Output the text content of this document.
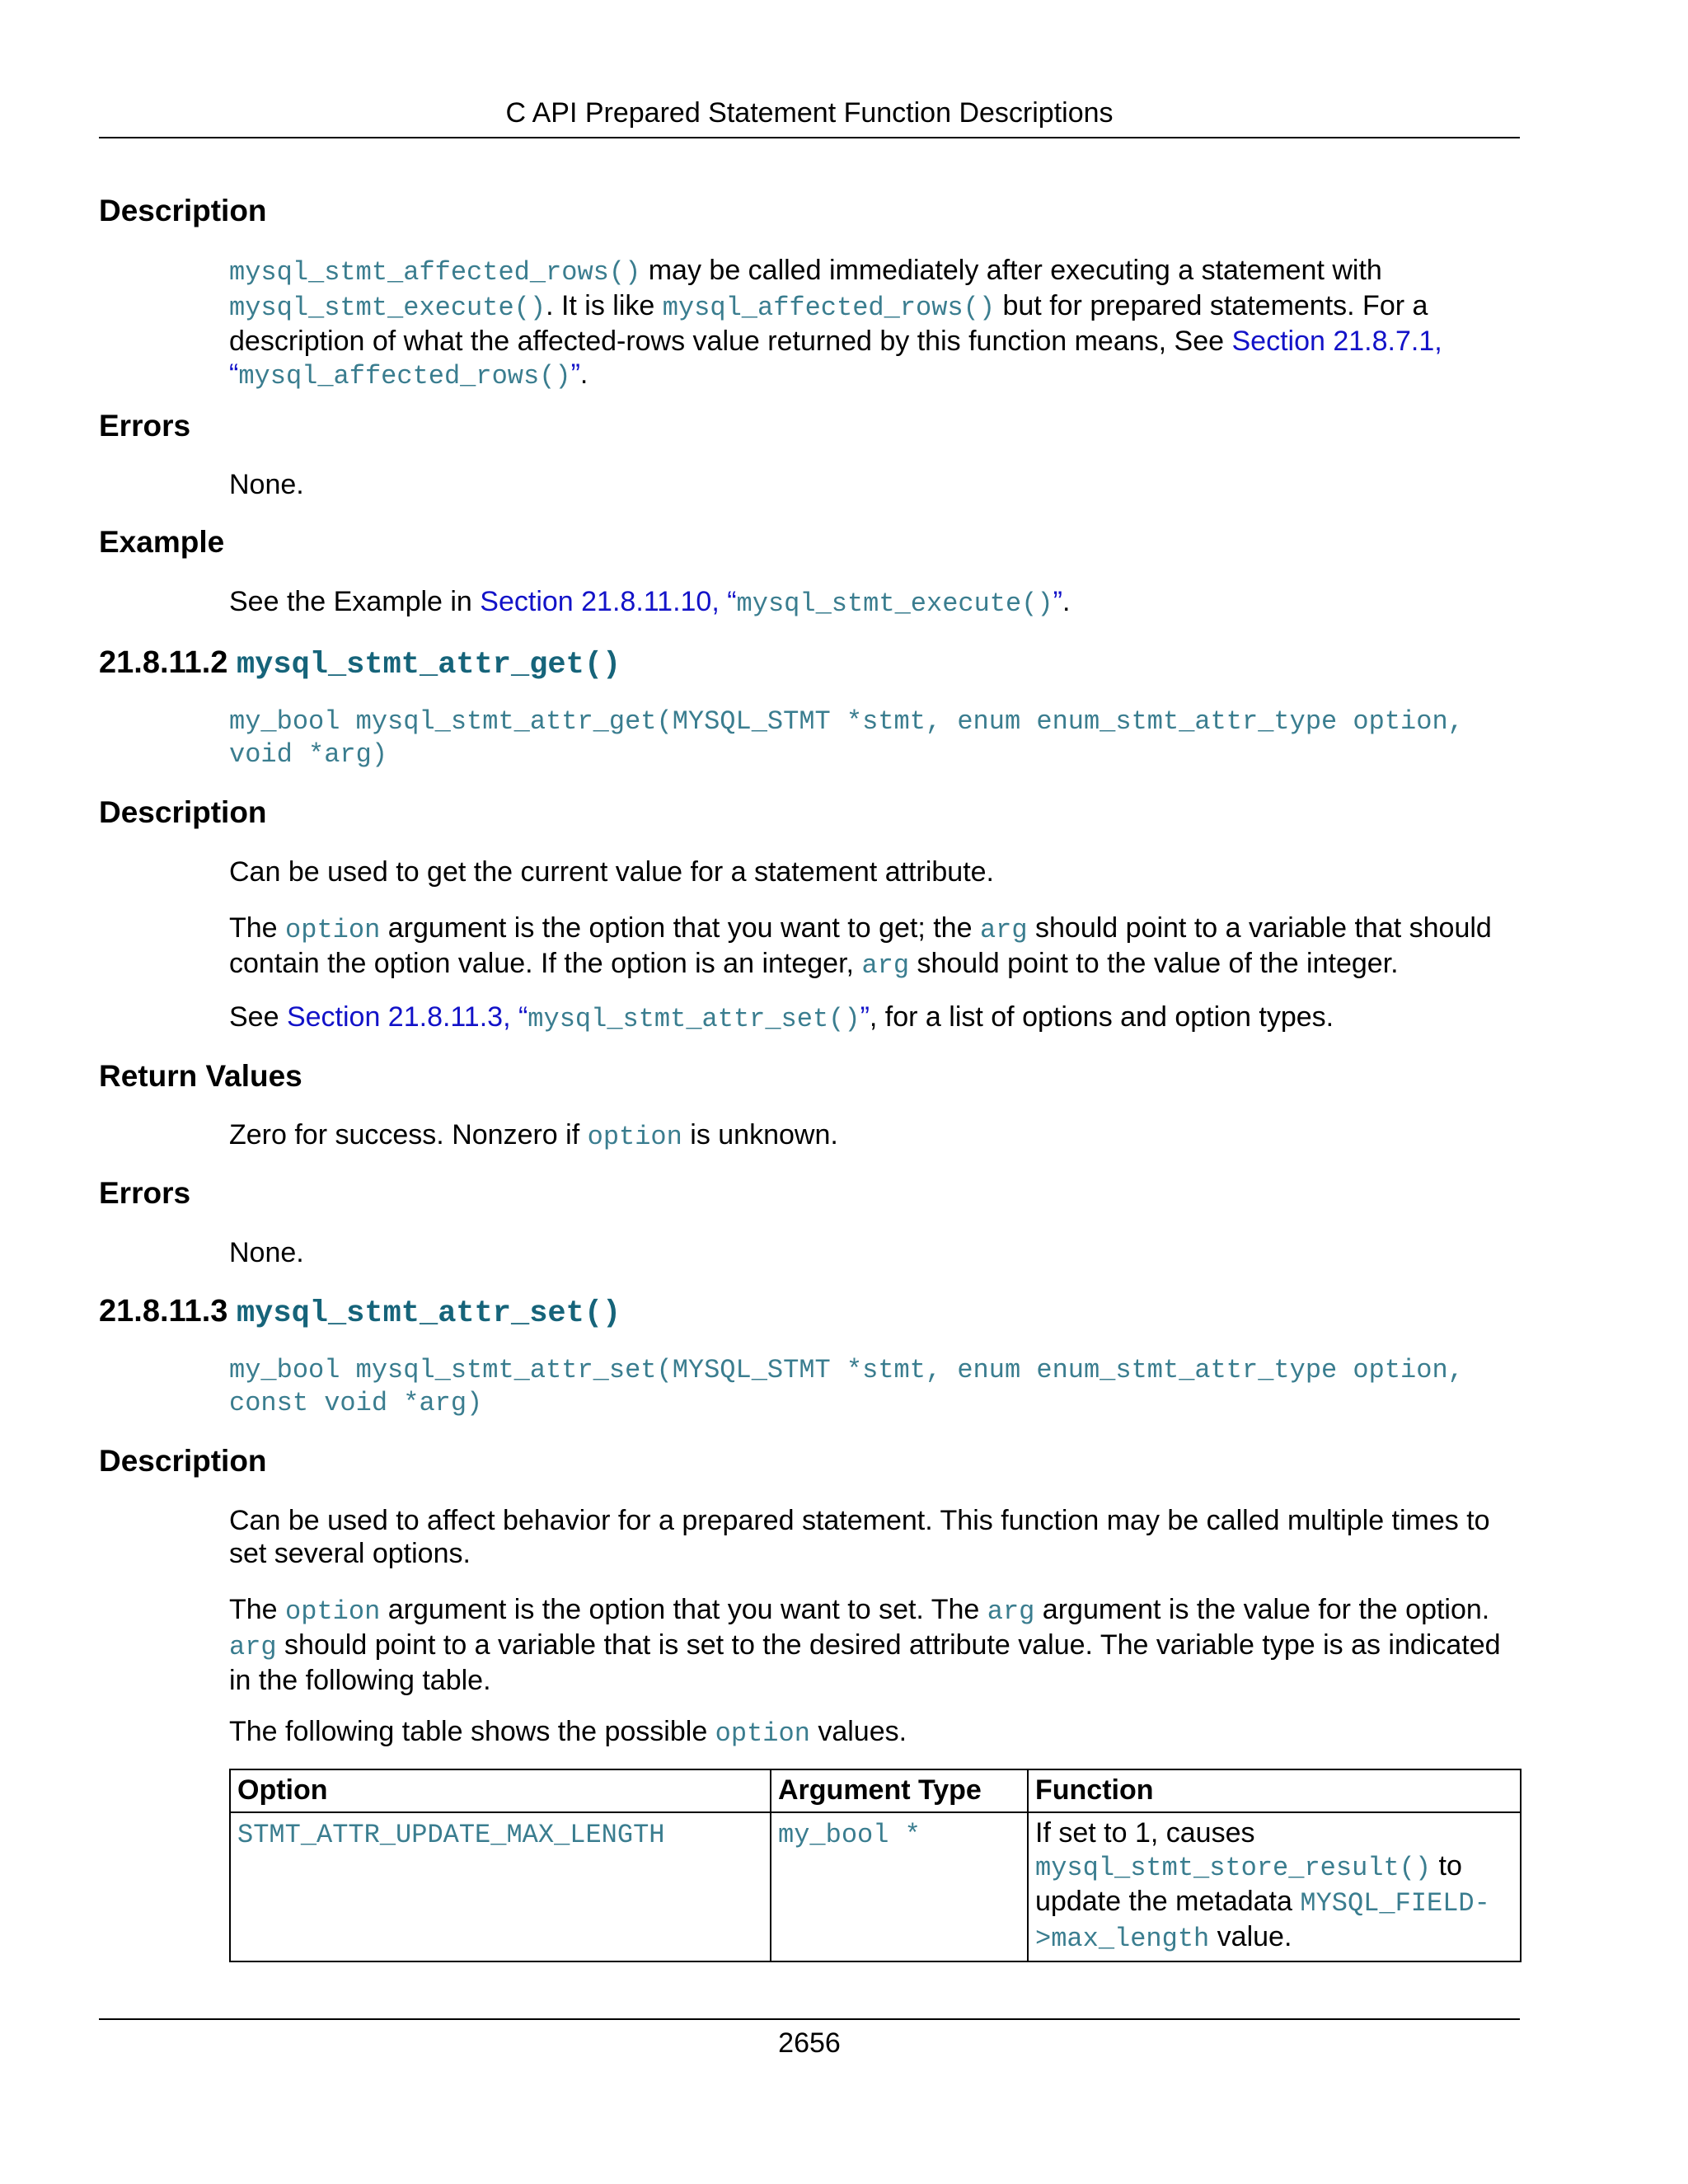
C API Prepared Statement Function Descriptions
Description

mysql_stmt_affected_rows() may be called immediately after executing a statement with mysql_stmt_execute(). It is like mysql_affected_rows() but for prepared statements. For a description of what the affected-rows value returned by this function means, See Section 21.8.7.1, “mysql_affected_rows()”.

Errors

None.

Example

See the Example in Section 21.8.11.10, “mysql_stmt_execute()”.

21.8.11.2 mysql_stmt_attr_get()
my_bool mysql_stmt_attr_get(MYSQL_STMT *stmt, enum enum_stmt_attr_type option,
void *arg)
Description

Can be used to get the current value for a statement attribute.

The option argument is the option that you want to get; the arg should point to a variable that should contain the option value. If the option is an integer, arg should point to the value of the integer.

See Section 21.8.11.3, “mysql_stmt_attr_set()”, for a list of options and option types.

Return Values

Zero for success. Nonzero if option is unknown.

Errors

None.

21.8.11.3 mysql_stmt_attr_set()
my_bool mysql_stmt_attr_set(MYSQL_STMT *stmt, enum enum_stmt_attr_type option,
const void *arg)
Description

Can be used to affect behavior for a prepared statement. This function may be called multiple times to set several options.

The option argument is the option that you want to set. The arg argument is the value for the option. arg should point to a variable that is set to the desired attribute value. The variable type is as indicated in the following table.

The following table shows the possible option values.

Option	Argument Type	Function
STMT_ATTR_UPDATE_MAX_LENGTH	my_bool *	If set to 1, causes mysql_stmt_store_result() to update the metadata MYSQL_FIELD->max_length value.
2656
